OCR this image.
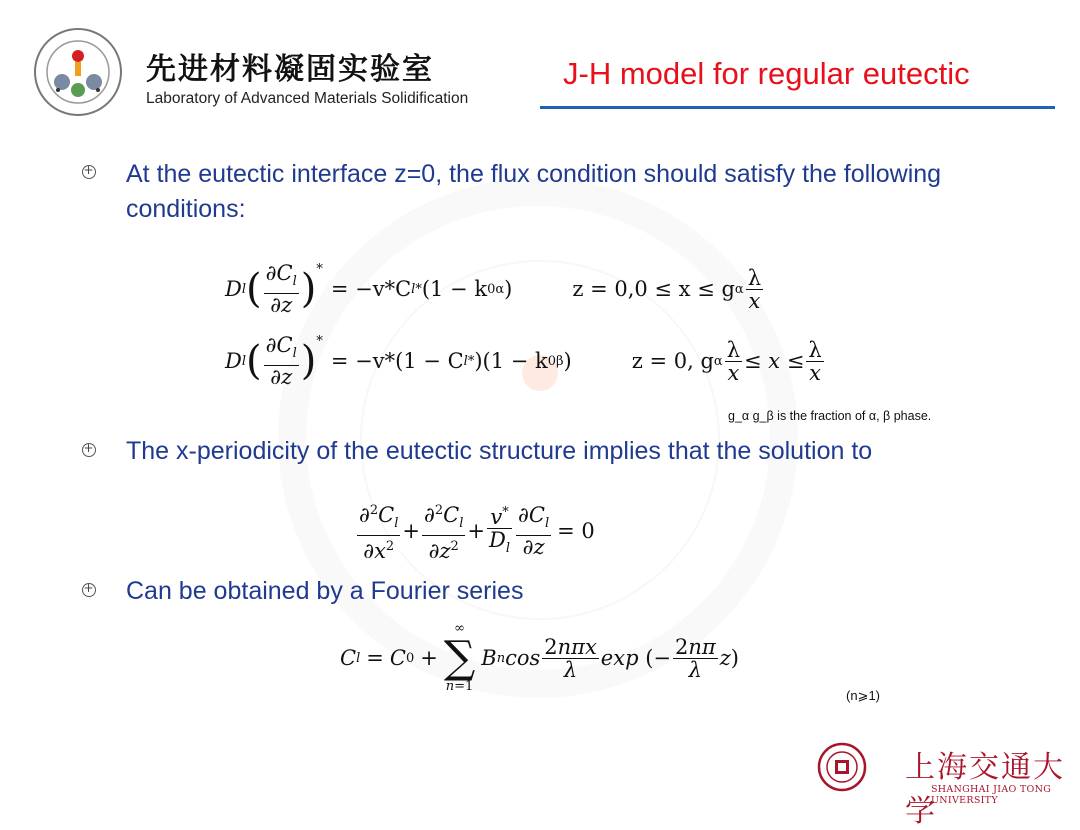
先进材料凝固实验室
Laboratory of Advanced Materials Solidification
J-H model for regular eutectic
+
At the eutectic interface z=0, the flux condition should satisfy the following conditions:
D l ( $\frac{\partial C_l}{\partial z}$ ) *
= −v*C l * (1 − k 0α )	z = 0,0 ≤ x ≤ g α $\frac{\lambda}{x}$
D l ( $\frac{\partial C_l}{\partial z}$ ) *
= −v*(1 − C l * )(1 − k 0β )	z = 0, g α $\frac{\lambda}{x} \le x \le \frac{\lambda}{x}$
g_α g_β is the fraction of α, β phase.
+
The x-periodicity of the eutectic structure implies that the solution to
$\frac{\partial^2C_l}{\partial x^2} + \frac{\partial^2C_l}{\partial z^2} + \frac{v^*}{D_l} \frac{\partial C_l}{\partial z} = 0$
+
Can be obtained by a Fourier series
C l = C 0 +
∞
∑
n=1
B n $\cos \frac{\text{2nπx}}{\lambda}$ exp (− $\frac{2n\pi}{\lambda}$ z )
(n⩾1)
上海交通大学
SHANGHAI JIAO TONG UNIVERSITY
